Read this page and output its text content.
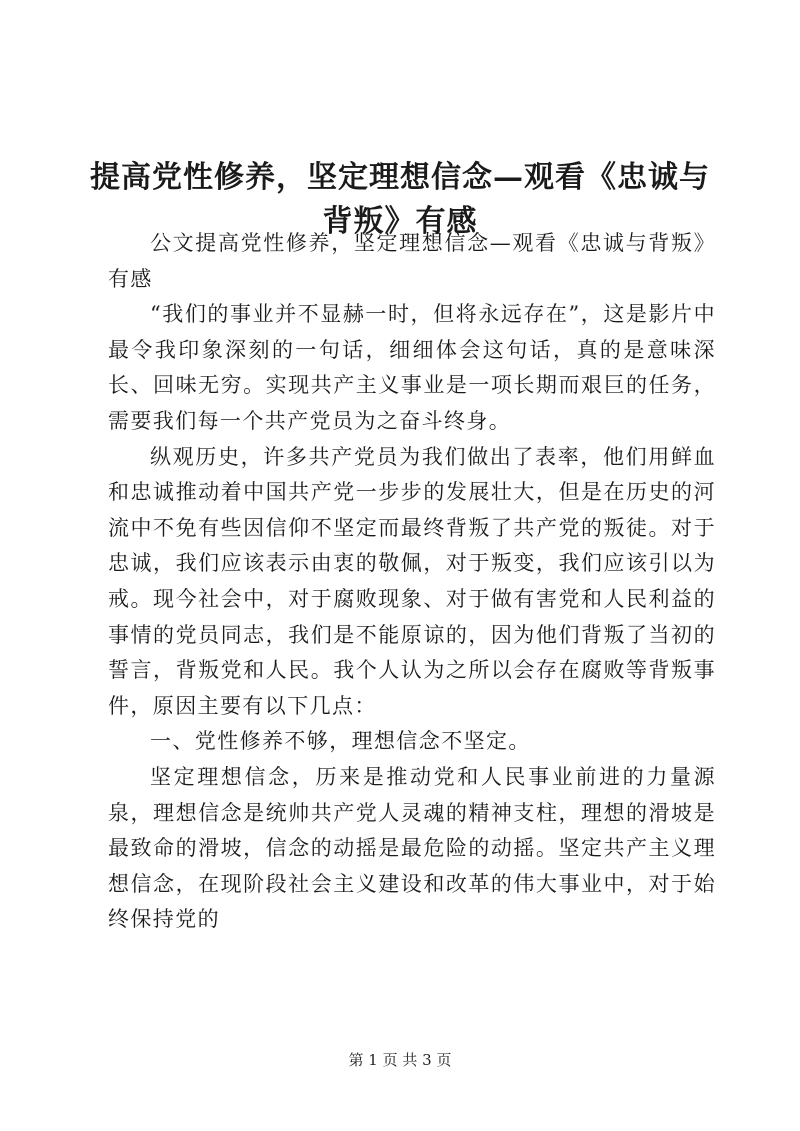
提高党性修养，坚定理想信念—观看《忠诚与背叛》有感

公文提高党性修养，坚定理想信念—观看《忠诚与背叛》有感

“我们的事业并不显赫一时，但将永远存在”，这是影片中最令我印象深刻的一句话，细细体会这句话，真的是意味深长、回味无穷。实现共产主义事业是一项长期而艰巨的任务，需要我们每一个共产党员为之奋斗终身。

纵观历史，许多共产党员为我们做出了表率，他们用鲜血和忠诚推动着中国共产党一步步的发展壮大，但是在历史的河流中不免有些因信仰不坚定而最终背叛了共产党的叛徒。对于忠诚，我们应该表示由衷的敬佩，对于叛变，我们应该引以为戒。现今社会中，对于腐败现象、对于做有害党和人民利益的事情的党员同志，我们是不能原谅的，因为他们背叛了当初的誓言，背叛党和人民。我个人认为之所以会存在腐败等背叛事件，原因主要有以下几点：

一、党性修养不够，理想信念不坚定。

坚定理想信念，历来是推动党和人民事业前进的力量源泉，理想信念是统帅共产党人灵魂的精神支柱，理想的滑坡是最致命的滑坡，信念的动摇是最危险的动摇。坚定共产主义理想信念，在现阶段社会主义建设和改革的伟大事业中，对于始终保持党的

第 1 页 共 3 页
